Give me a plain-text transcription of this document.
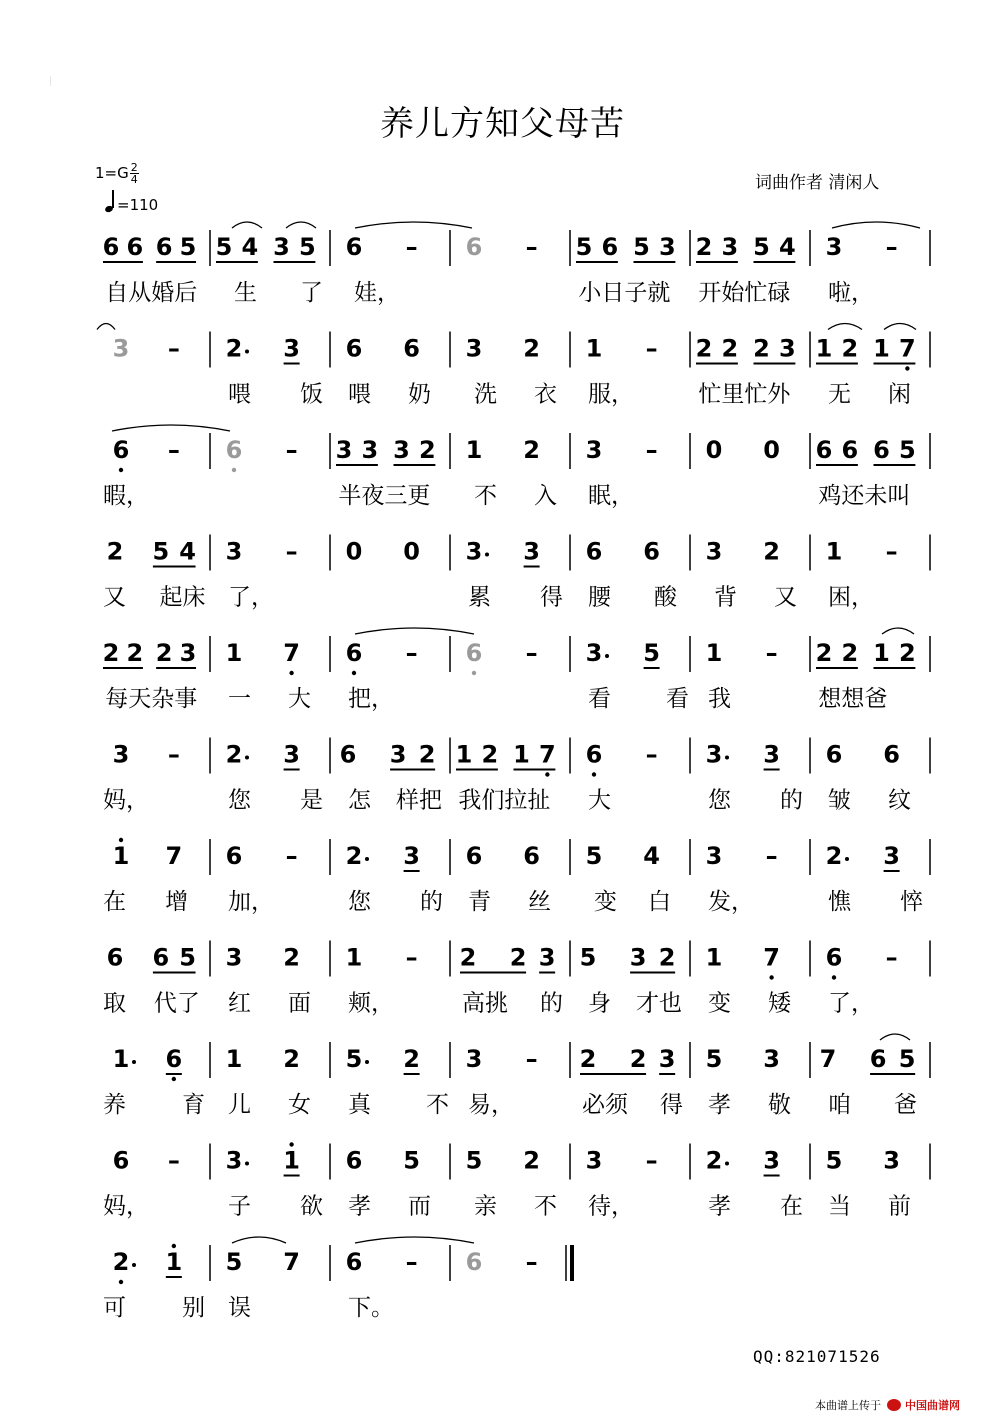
养儿方知父母苦
$1=G \frac{2}{4}$
=110
词曲作者 清闲人
6 6 6 5 5 4 3 5 6 – 6 – 5 6 5 3 2 3 5 4 3 –
自从婚后 生 了 娃，	小日子就 开始忙碌 啦，
3 – 2 3 6 6 3 2 1 – 2 2 2 3 1 2 1 7
喂 饭 喂 奶 洗 衣 服，	忙里忙外 无 闲
6 – 6 – 3 3 3 2 1 2 3 – 0 0 6 6 6 5
暇，	半夜三更 不 入 眠，	鸡还未叫
2 5 4 3 – 0 0 3 3 6 6 3 2 1 –
又 起床 了，	累 得 腰 酸 背 又 困，
2 2 2 3 1 7 6 – 6 – 3 5 1 – 2 2 1 2
每天杂事 一 大 把，	看 看 我	想想爸
3 – 2 3 6 3 2 1 2 1 7 6 – 3 3 6 6
妈，	您 是 怎 样把 我们拉扯 大	您 的 皱 纹
1 7 6 – 2 3 6 6 5 4 3 – 2 3
在 增 加，	您 的 青 丝 变 白 发，	憔 悴
6 6 5 3 2 1 – 2 2 3 5 3 2 1 7 6 –
取 代了 红 面 颊，	高挑 的 身 才也 变 矮 了，
1 6 1 2 5 2 3 – 2 2 3 5 3 7 6 5
养 育 儿 女 真 不 易，	必须 得 孝 敬 咱 爸
6 – 3 1 6 5 5 2 3 – 2 3 5 3
妈，	子 欲 孝 而 亲 不 待，	孝 在 当 前
2 1 5 7 6 – 6 –
可 别 误	下。
QQ:821071526
本曲谱上传于 中国曲谱网
